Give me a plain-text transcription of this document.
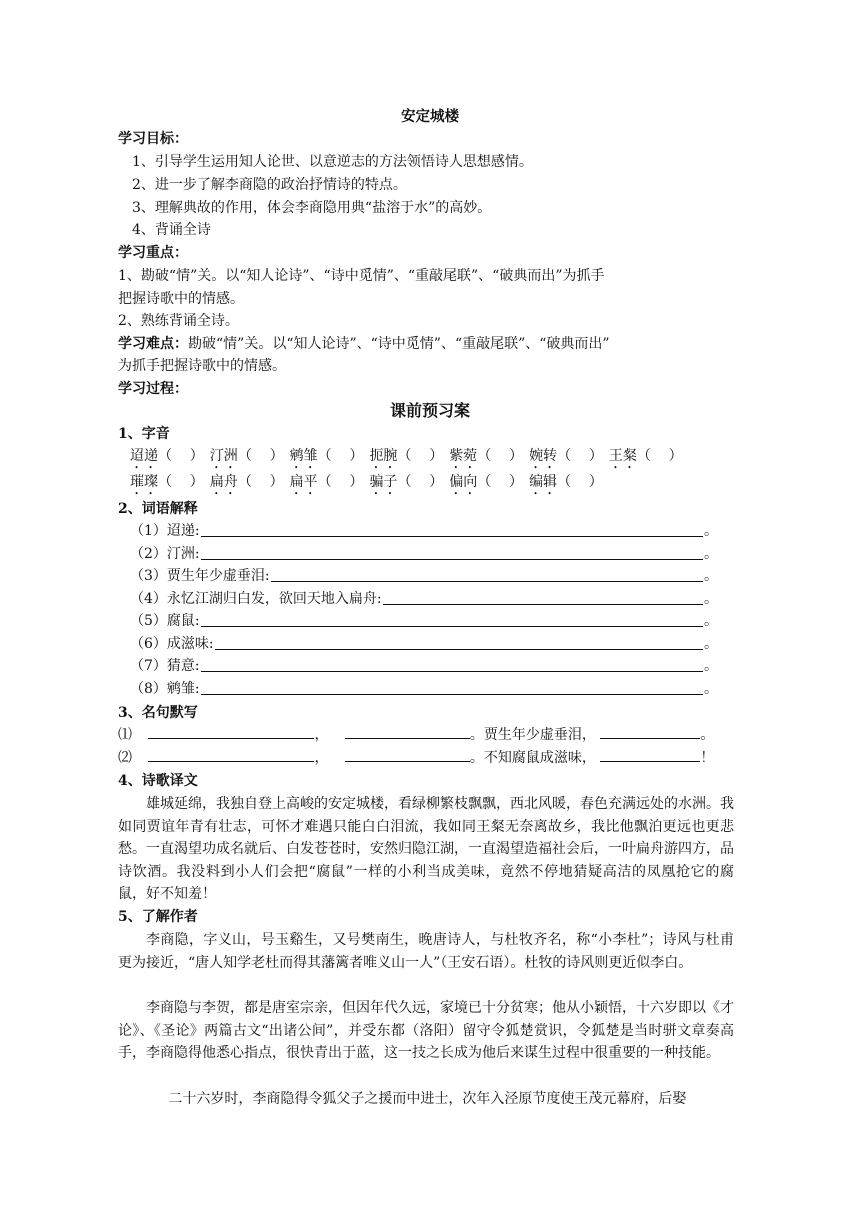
安定城楼
学习目标：
1、引导学生运用知人论世、以意逆志的方法领悟诗人思想感情。
2、进一步了解李商隐的政治抒情诗的特点。
3、理解典故的作用，体会李商隐用典“盐溶于水”的高妙。
4、背诵全诗
学习重点：
1、勘破“情”关。以“知人论诗”、“诗中觅情”、“重敲尾联”、“破典而出”为抓手
把握诗歌中的情感。
2、熟练背诵全诗。
学习难点：勘破“情”关。以“知人论诗”、“诗中觅情”、“重敲尾联”、“破典而出”
为抓手把握诗歌中的情感。
学习过程：
课前预习案
1、字音
迢递（    ） 汀洲（    ） 鹓雏（    ） 扼腕（    ） 紫菀（    ） 婉转（    ） 王粲（    ）
璀璨（    ） 扁舟（    ） 扁平（    ） 骗子（    ） 偏向（    ） 编辑（    ）
2、词语解释
（1）迢递:	。
（2）汀洲:	。
（3）贾生年少虚垂泪:	。
（4）永忆江湖归白发，欲回天地入扁舟:	。
（5）腐鼠:	。
（6）成滋味:	。
（7）猜意:	。
（8）鹓雏:	。
3、名句默写
⑴	，	。贾生年少虚垂泪，	。
⑵	，	。不知腐鼠成滋味，	！
4、诗歌译文
雄城延绵，我独自登上高峻的安定城楼，看绿柳繁枝飘飘，西北风暖，春色充满远处的水洲。我如同贾谊年青有壮志，可怀才难遇只能白白泪流，我如同王粲无奈离故乡，我比他飘泊更远也更悲愁。一直渴望功成名就后、白发苍苍时，安然归隐江湖，一直渴望造福社会后，一叶扁舟游四方，品诗饮酒。我没料到小人们会把“腐鼠”一样的小利当成美味，竟然不停地猜疑高洁的凤凰抢它的腐鼠，好不知羞！
5、了解作者
李商隐，字义山，号玉谿生，又号樊南生，晚唐诗人，与杜牧齐名，称“小李杜”；诗风与杜甫更为接近，“唐人知学老杜而得其藩篱者唯义山一人”（王安石语）。杜牧的诗风则更近似李白。
李商隐与李贺，都是唐室宗亲，但因年代久远，家境已十分贫寒；他从小颖悟，十六岁即以《才论》、《圣论》两篇古文“出诸公间”，并受东都（洛阳）留守令狐楚赏识，令狐楚是当时骈文章奏高手，李商隐得他悉心指点，很快青出于蓝，这一技之长成为他后来谋生过程中很重要的一种技能。
二十六岁时，李商隐得令狐父子之援而中进士，次年入泾原节度使王茂元幕府，后娶
